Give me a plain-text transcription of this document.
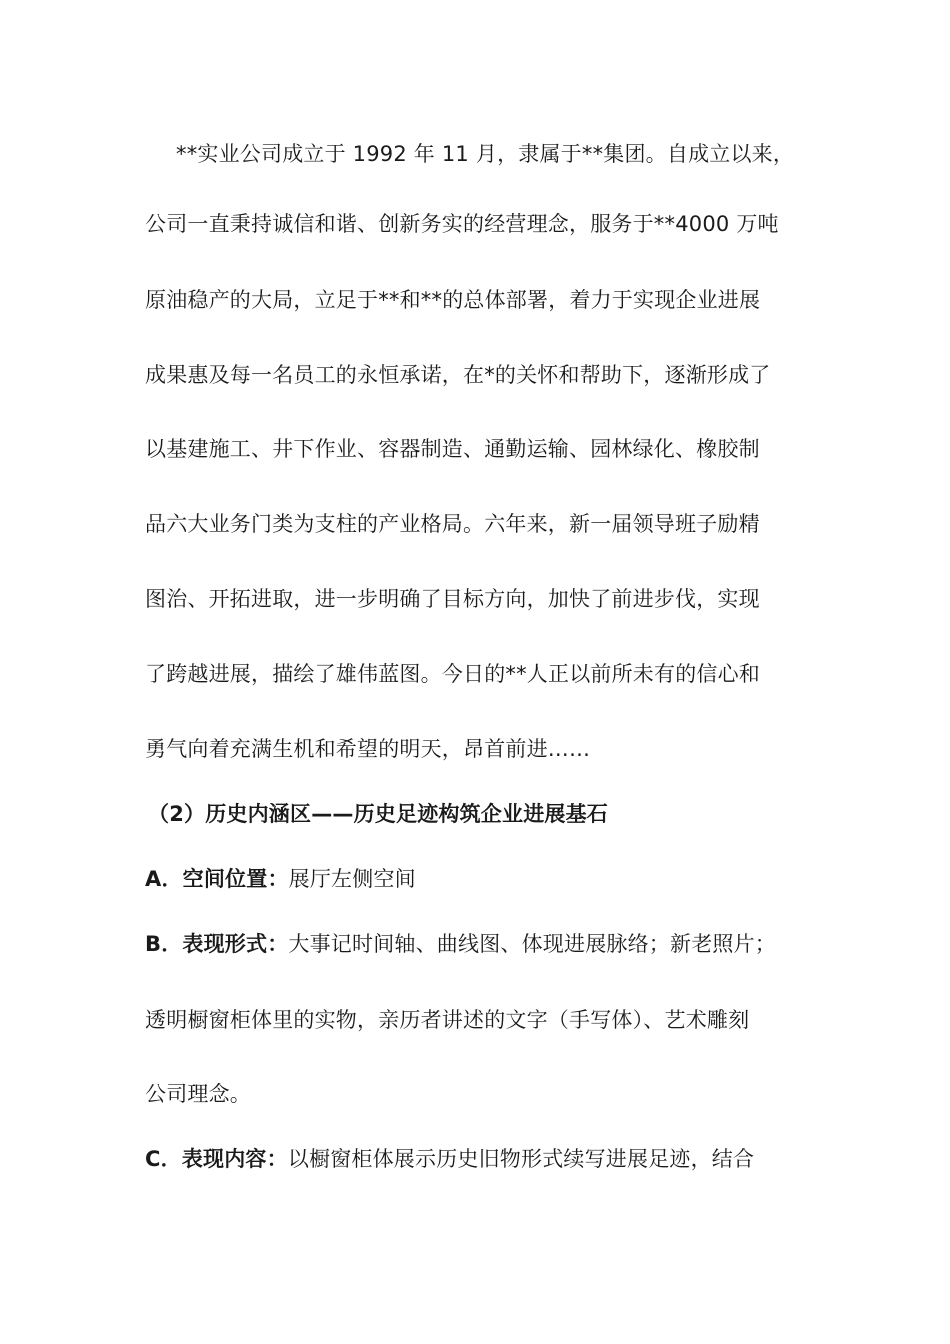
**实业公司成立于 1992 年 11 月，隶属于**集团。自成立以来，
公司一直秉持诚信和谐、创新务实的经营理念，服务于**4000 万吨
原油稳产的大局，立足于**和**的总体部署，着力于实现企业进展
成果惠及每一名员工的永恒承诺，在*的关怀和帮助下，逐渐形成了
以基建施工、井下作业、容器制造、通勤运输、园林绿化、橡胶制
品六大业务门类为支柱的产业格局。六年来，新一届领导班子励精
图治、开拓进取，进一步明确了目标方向，加快了前进步伐，实现
了跨越进展，描绘了雄伟蓝图。今日的**人正以前所未有的信心和
勇气向着充满生机和希望的明天，昂首前进……
（2）历史内涵区——历史足迹构筑企业进展基石
A．空间位置：展厅左侧空间
B．表现形式：大事记时间轴、曲线图、体现进展脉络；新老照片；
透明橱窗柜体里的实物，亲历者讲述的文字（手写体）、艺术雕刻
公司理念。
C．表现内容：以橱窗柜体展示历史旧物形式续写进展足迹，结合
